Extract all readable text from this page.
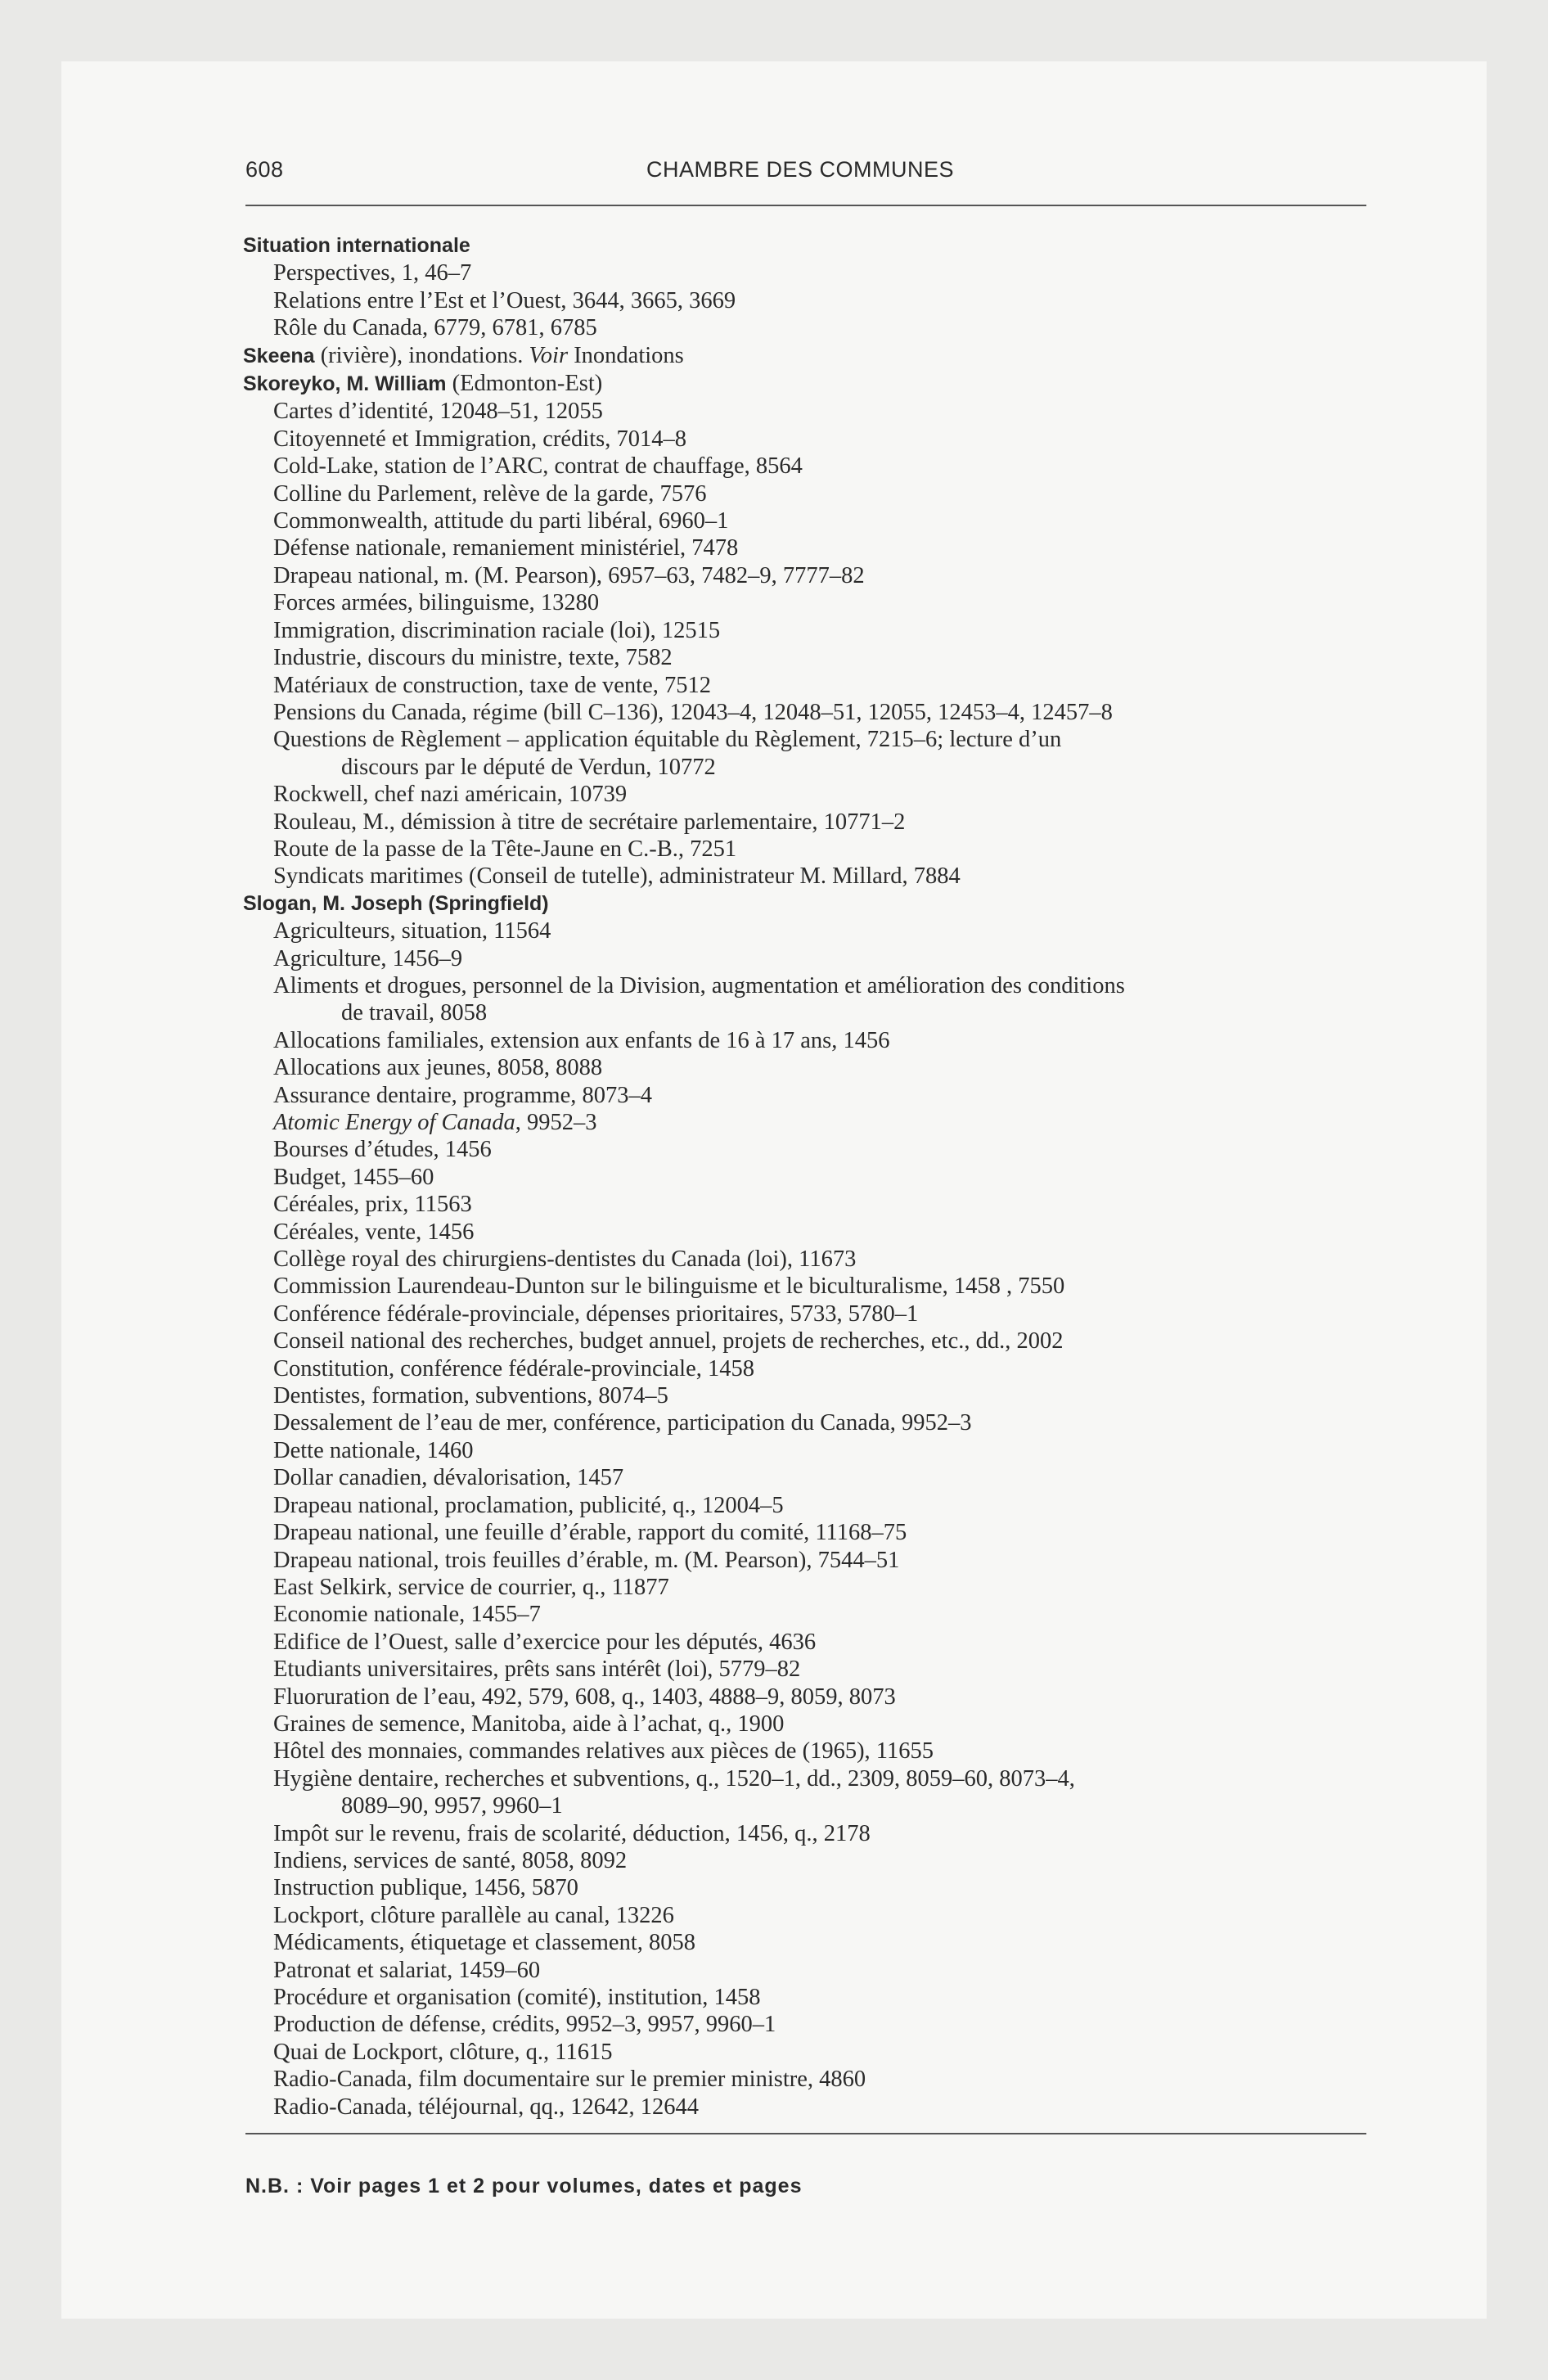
608	CHAMBRE DES COMMUNES
Situation internationale
Perspectives, 1, 46–7
Relations entre l’Est et l’Ouest, 3644, 3665, 3669
Rôle du Canada, 6779, 6781, 6785
Skeena (rivière), inondations. Voir Inondations
Skoreyko, M. William (Edmonton-Est)
Cartes d’identité, 12048–51, 12055
Citoyenneté et Immigration, crédits, 7014–8
Cold-Lake, station de l’ARC, contrat de chauffage, 8564
Colline du Parlement, relève de la garde, 7576
Commonwealth, attitude du parti libéral, 6960–1
Défense nationale, remaniement ministériel, 7478
Drapeau national, m. (M. Pearson), 6957–63, 7482–9, 7777–82
Forces armées, bilinguisme, 13280
Immigration, discrimination raciale (loi), 12515
Industrie, discours du ministre, texte, 7582
Matériaux de construction, taxe de vente, 7512
Pensions du Canada, régime (bill C–136), 12043–4, 12048–51, 12055, 12453–4, 12457–8
Questions de Règlement – application équitable du Règlement, 7215–6; lecture d’un
discours par le député de Verdun, 10772
Rockwell, chef nazi américain, 10739
Rouleau, M., démission à titre de secrétaire parlementaire, 10771–2
Route de la passe de la Tête-Jaune en C.-B., 7251
Syndicats maritimes (Conseil de tutelle), administrateur M. Millard, 7884
Slogan, M. Joseph (Springfield)
Agriculteurs, situation, 11564
Agriculture, 1456–9
Aliments et drogues, personnel de la Division, augmentation et amélioration des conditions
de travail, 8058
Allocations familiales, extension aux enfants de 16 à 17 ans, 1456
Allocations aux jeunes, 8058, 8088
Assurance dentaire, programme, 8073–4
Atomic Energy of Canada, 9952–3
Bourses d’études, 1456
Budget, 1455–60
Céréales, prix, 11563
Céréales, vente, 1456
Collège royal des chirurgiens-dentistes du Canada (loi), 11673
Commission Laurendeau-Dunton sur le bilinguisme et le biculturalisme, 1458 , 7550
Conférence fédérale-provinciale, dépenses prioritaires, 5733, 5780–1
Conseil national des recherches, budget annuel, projets de recherches, etc., dd., 2002
Constitution, conférence fédérale-provinciale, 1458
Dentistes, formation, subventions, 8074–5
Dessalement de l’eau de mer, conférence, participation du Canada, 9952–3
Dette nationale, 1460
Dollar canadien, dévalorisation, 1457
Drapeau national, proclamation, publicité, q., 12004–5
Drapeau national, une feuille d’érable, rapport du comité, 11168–75
Drapeau national, trois feuilles d’érable, m. (M. Pearson), 7544–51
East Selkirk, service de courrier, q., 11877
Economie nationale, 1455–7
Edifice de l’Ouest, salle d’exercice pour les députés, 4636
Etudiants universitaires, prêts sans intérêt (loi), 5779–82
Fluoruration de l’eau, 492, 579, 608, q., 1403, 4888–9, 8059, 8073
Graines de semence, Manitoba, aide à l’achat, q., 1900
Hôtel des monnaies, commandes relatives aux pièces de (1965), 11655
Hygiène dentaire, recherches et subventions, q., 1520–1, dd., 2309, 8059–60, 8073–4,
8089–90, 9957, 9960–1
Impôt sur le revenu, frais de scolarité, déduction, 1456, q., 2178
Indiens, services de santé, 8058, 8092
Instruction publique, 1456, 5870
Lockport, clôture parallèle au canal, 13226
Médicaments, étiquetage et classement, 8058
Patronat et salariat, 1459–60
Procédure et organisation (comité), institution, 1458
Production de défense, crédits, 9952–3, 9957, 9960–1
Quai de Lockport, clôture, q., 11615
Radio-Canada, film documentaire sur le premier ministre, 4860
Radio-Canada, téléjournal, qq., 12642, 12644
N.B. : Voir pages 1 et 2 pour volumes, dates et pages
